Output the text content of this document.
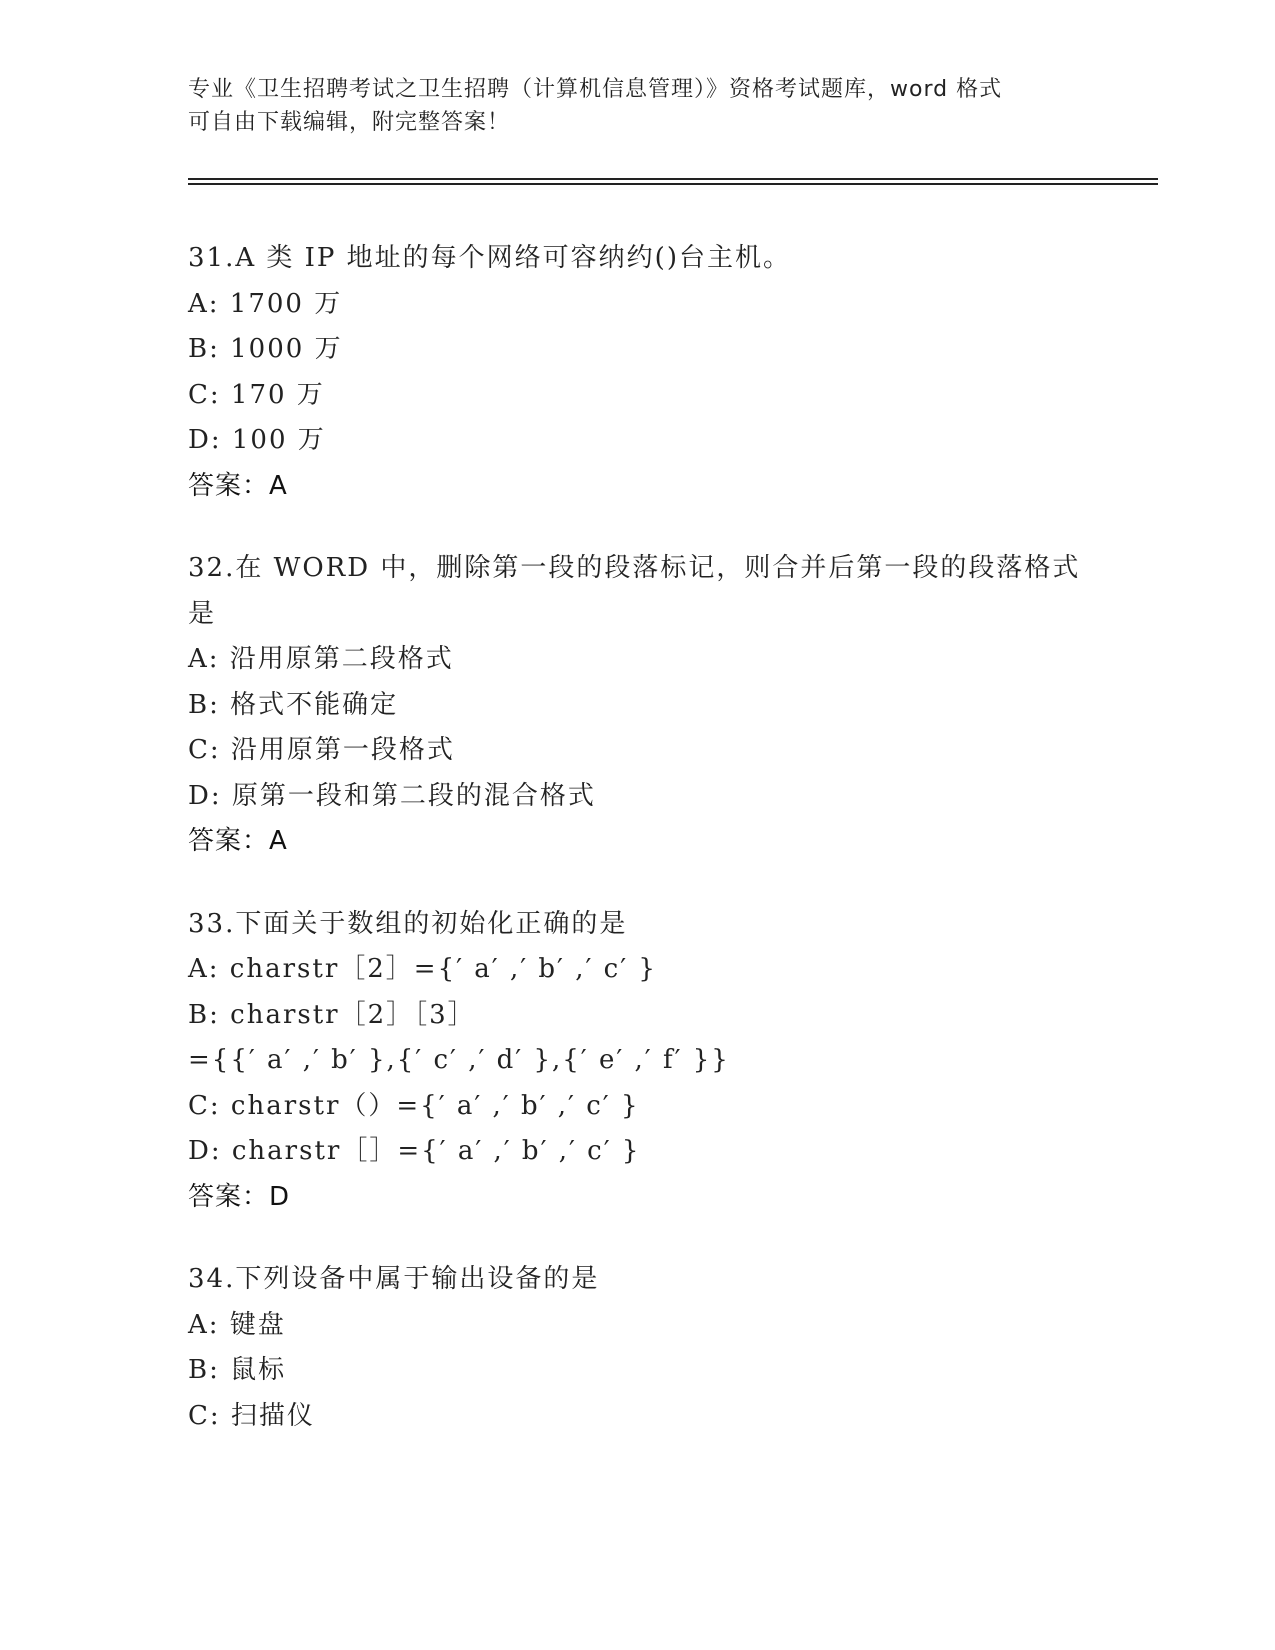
专业《卫生招聘考试之卫生招聘（计算机信息管理）》资格考试题库，word 格式
可自由下载编辑，附完整答案！
31.A 类 IP 地址的每个网络可容纳约()台主机。
A: 1700 万
B: 1000 万
C: 170 万
D: 100 万
答案：A
32.在 WORD 中，删除第一段的段落标记，则合并后第一段的段落格式
是
A: 沿用原第二段格式
B: 格式不能确定
C: 沿用原第一段格式
D: 原第一段和第二段的混合格式
答案：A
33.下面关于数组的初始化正确的是
A: charstr［2］={′ a′ ,′ b′ ,′ c′ }
B: charstr［2］［3］
={{′ a′ ,′ b′ },{′ c′ ,′ d′ },{′ e′ ,′ f′ }}
C: charstr（）={′ a′ ,′ b′ ,′ c′ }
D: charstr［］={′ a′ ,′ b′ ,′ c′ }
答案：D
34.下列设备中属于输出设备的是
A: 键盘
B: 鼠标
C: 扫描仪
